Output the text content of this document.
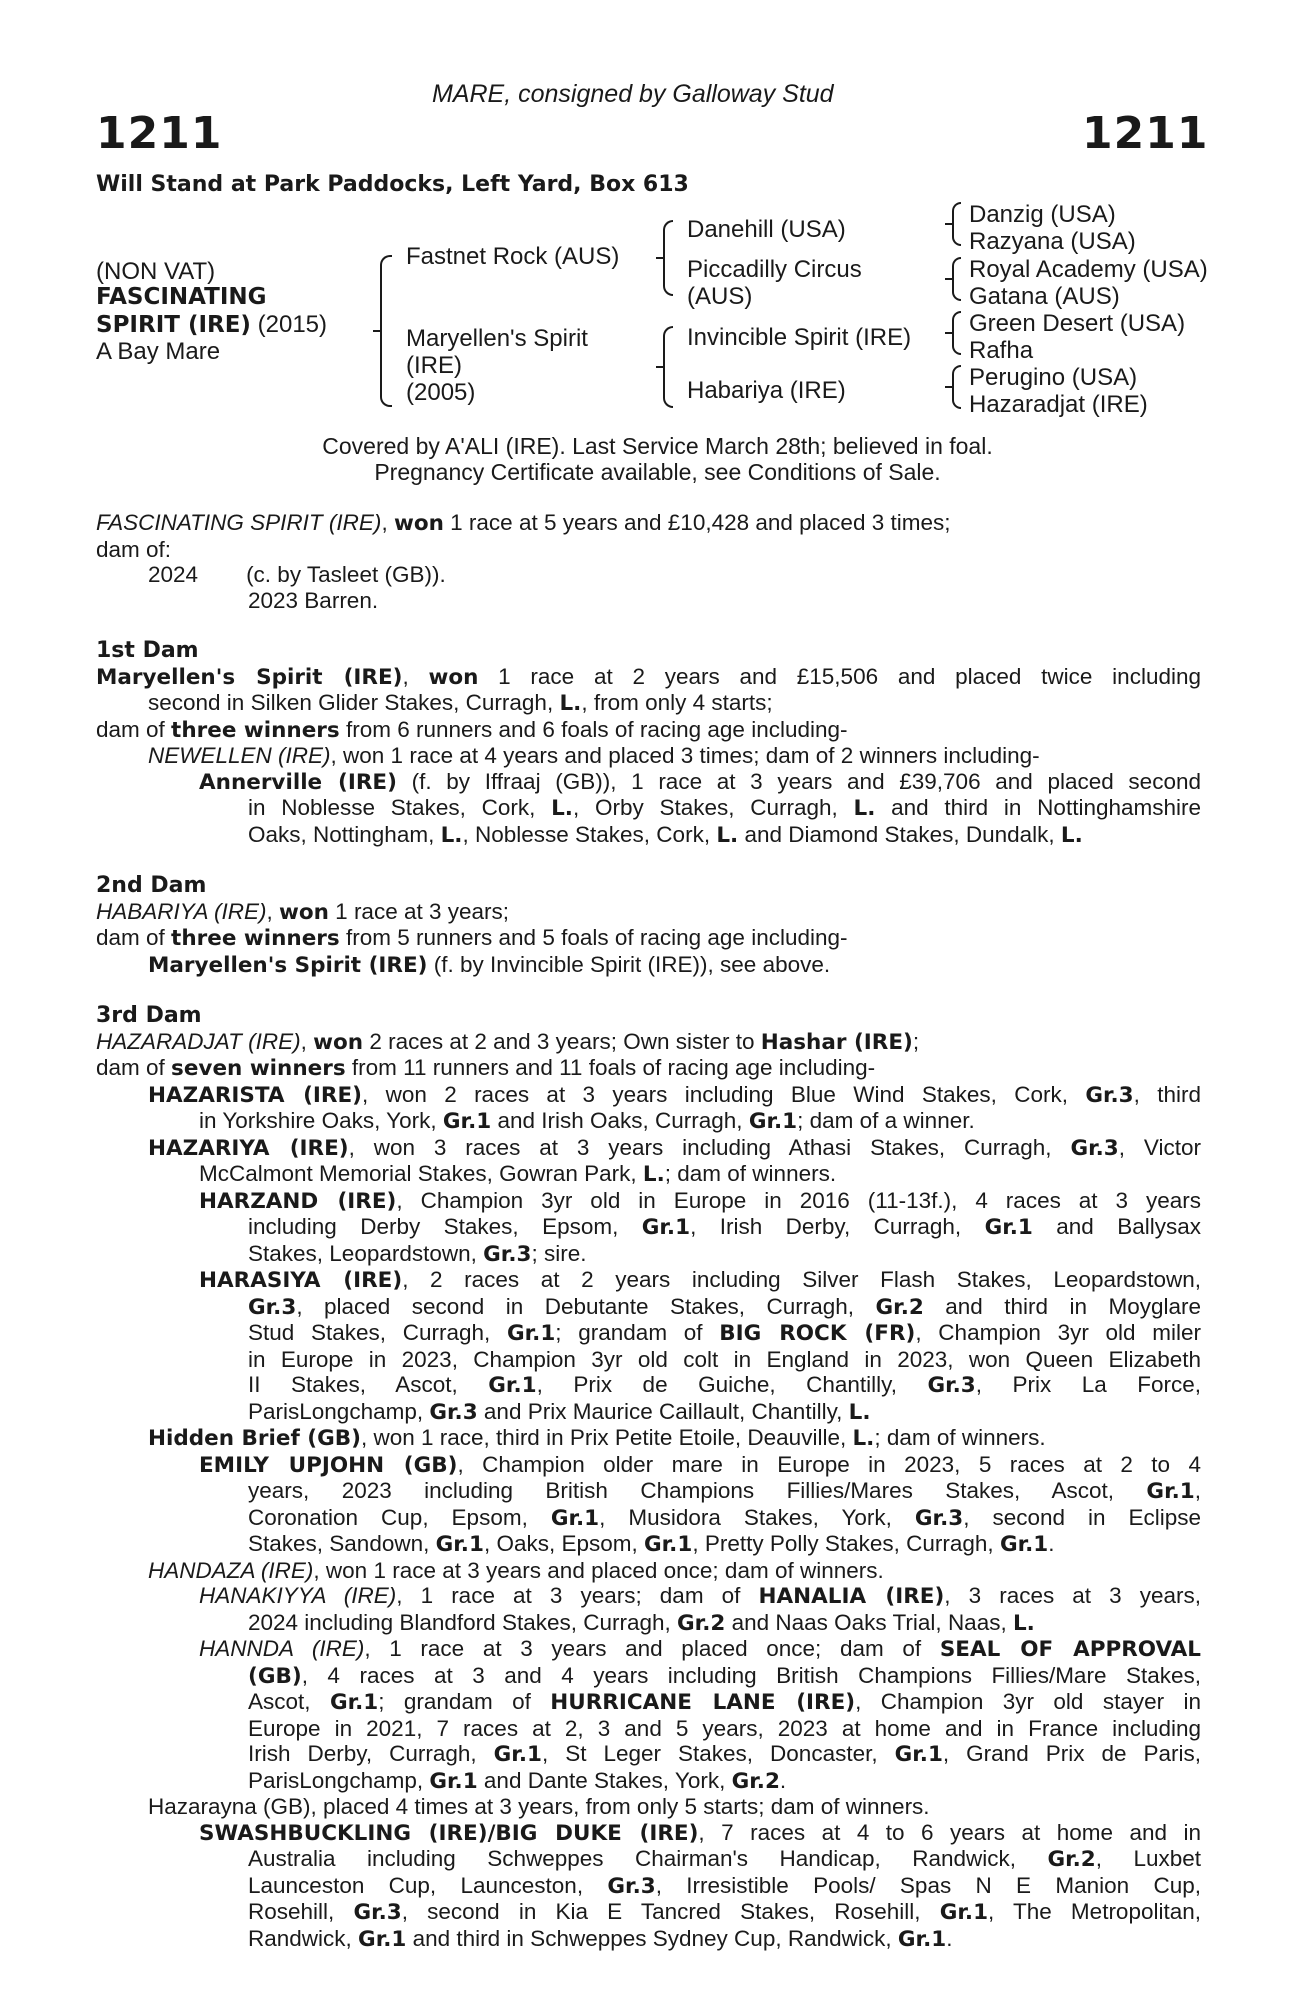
MARE, consigned by Galloway Stud
1211	1211
Will Stand at Park Paddocks, Left Yard, Box 613
(NON VAT)
FASCINATING
SPIRIT (IRE) (2015)
A Bay Mare
Fastnet Rock (AUS)
Maryellen's Spirit
(IRE)
(2005)
Danehill (USA)
Piccadilly Circus
(AUS)
Invincible Spirit (IRE)
Habariya (IRE)
Danzig (USA)
Razyana (USA)
Royal Academy (USA)
Gatana (AUS)
Green Desert (USA)
Rafha
Perugino (USA)
Hazaradjat (IRE)
Covered by A'ALI (IRE). Last Service March 28th; believed in foal.
Pregnancy Certificate available, see Conditions of Sale.
FASCINATING SPIRIT (IRE), won 1 race at 5 years and £10,428 and placed 3 times;
dam of:
2024 (c. by Tasleet (GB)).
2023 Barren.
1st Dam
Maryellen's Spirit (IRE), won 1 race at 2 years and £15,506 and placed twice including
second in Silken Glider Stakes, Curragh, L., from only 4 starts;
dam of three winners from 6 runners and 6 foals of racing age including-
NEWELLEN (IRE), won 1 race at 4 years and placed 3 times; dam of 2 winners including-
Annerville (IRE) (f. by Iffraaj (GB)), 1 race at 3 years and £39,706 and placed second
in Noblesse Stakes, Cork, L., Orby Stakes, Curragh, L. and third in Nottinghamshire
Oaks, Nottingham, L., Noblesse Stakes, Cork, L. and Diamond Stakes, Dundalk, L.
2nd Dam
HABARIYA (IRE), won 1 race at 3 years;
dam of three winners from 5 runners and 5 foals of racing age including-
Maryellen's Spirit (IRE) (f. by Invincible Spirit (IRE)), see above.
3rd Dam
HAZARADJAT (IRE), won 2 races at 2 and 3 years; Own sister to Hashar (IRE);
dam of seven winners from 11 runners and 11 foals of racing age including-
HAZARISTA (IRE), won 2 races at 3 years including Blue Wind Stakes, Cork, Gr.3, third
in Yorkshire Oaks, York, Gr.1 and Irish Oaks, Curragh, Gr.1; dam of a winner.
HAZARIYA (IRE), won 3 races at 3 years including Athasi Stakes, Curragh, Gr.3, Victor
McCalmont Memorial Stakes, Gowran Park, L.; dam of winners.
HARZAND (IRE), Champion 3yr old in Europe in 2016 (11-13f.), 4 races at 3 years
including Derby Stakes, Epsom, Gr.1, Irish Derby, Curragh, Gr.1 and Ballysax
Stakes, Leopardstown, Gr.3; sire.
HARASIYA (IRE), 2 races at 2 years including Silver Flash Stakes, Leopardstown,
Gr.3, placed second in Debutante Stakes, Curragh, Gr.2 and third in Moyglare
Stud Stakes, Curragh, Gr.1; grandam of BIG ROCK (FR), Champion 3yr old miler
in Europe in 2023, Champion 3yr old colt in England in 2023, won Queen Elizabeth
II Stakes, Ascot, Gr.1, Prix de Guiche, Chantilly, Gr.3, Prix La Force,
ParisLongchamp, Gr.3 and Prix Maurice Caillault, Chantilly, L.
Hidden Brief (GB), won 1 race, third in Prix Petite Etoile, Deauville, L.; dam of winners.
EMILY UPJOHN (GB), Champion older mare in Europe in 2023, 5 races at 2 to 4
years, 2023 including British Champions Fillies/Mares Stakes, Ascot, Gr.1,
Coronation Cup, Epsom, Gr.1, Musidora Stakes, York, Gr.3, second in Eclipse
Stakes, Sandown, Gr.1, Oaks, Epsom, Gr.1, Pretty Polly Stakes, Curragh, Gr.1.
HANDAZA (IRE), won 1 race at 3 years and placed once; dam of winners.
HANAKIYYA (IRE), 1 race at 3 years; dam of HANALIA (IRE), 3 races at 3 years,
2024 including Blandford Stakes, Curragh, Gr.2 and Naas Oaks Trial, Naas, L.
HANNDA (IRE), 1 race at 3 years and placed once; dam of SEAL OF APPROVAL
(GB), 4 races at 3 and 4 years including British Champions Fillies/Mare Stakes,
Ascot, Gr.1; grandam of HURRICANE LANE (IRE), Champion 3yr old stayer in
Europe in 2021, 7 races at 2, 3 and 5 years, 2023 at home and in France including
Irish Derby, Curragh, Gr.1, St Leger Stakes, Doncaster, Gr.1, Grand Prix de Paris,
ParisLongchamp, Gr.1 and Dante Stakes, York, Gr.2.
Hazarayna (GB), placed 4 times at 3 years, from only 5 starts; dam of winners.
SWASHBUCKLING (IRE)/BIG DUKE (IRE), 7 races at 4 to 6 years at home and in
Australia including Schweppes Chairman's Handicap, Randwick, Gr.2, Luxbet
Launceston Cup, Launceston, Gr.3, Irresistible Pools/ Spas N E Manion Cup,
Rosehill, Gr.3, second in Kia E Tancred Stakes, Rosehill, Gr.1, The Metropolitan,
Randwick, Gr.1 and third in Schweppes Sydney Cup, Randwick, Gr.1.
